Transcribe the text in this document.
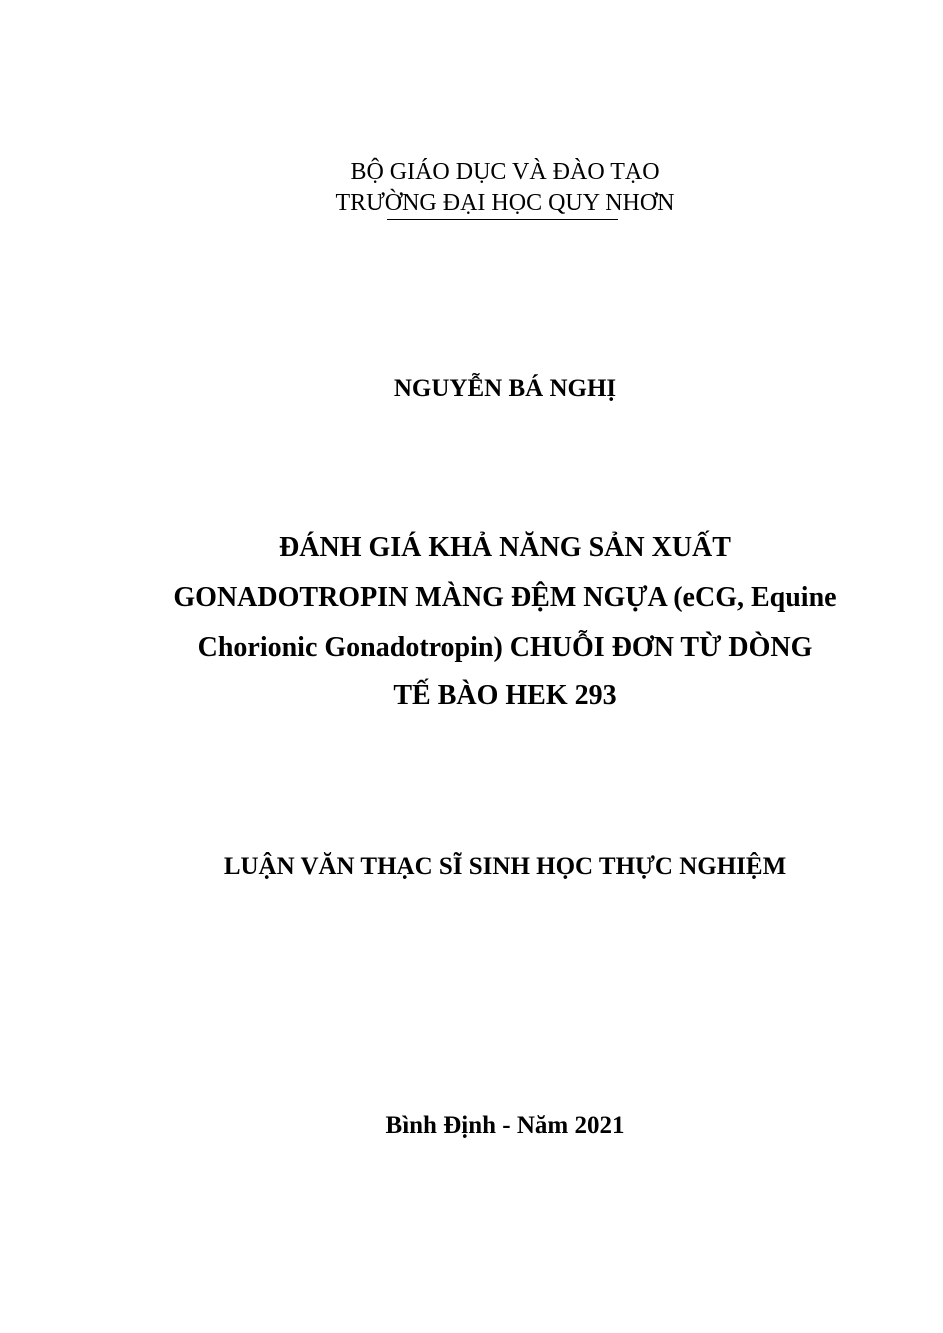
BỘ GIÁO DỤC VÀ ĐÀO TẠO
TRƯỜNG ĐẠI HỌC QUY NHƠN
NGUYỄN BÁ NGHỊ
ĐÁNH GIÁ KHẢ NĂNG SẢN XUẤT
GONADOTROPIN MÀNG ĐỆM NGỰA (eCG, Equine
Chorionic Gonadotropin) CHUỖI ĐƠN TỪ DÒNG
TẾ BÀO HEK 293
LUẬN VĂN THẠC SĨ SINH HỌC THỰC NGHIỆM
Bình Định - Năm 2021
